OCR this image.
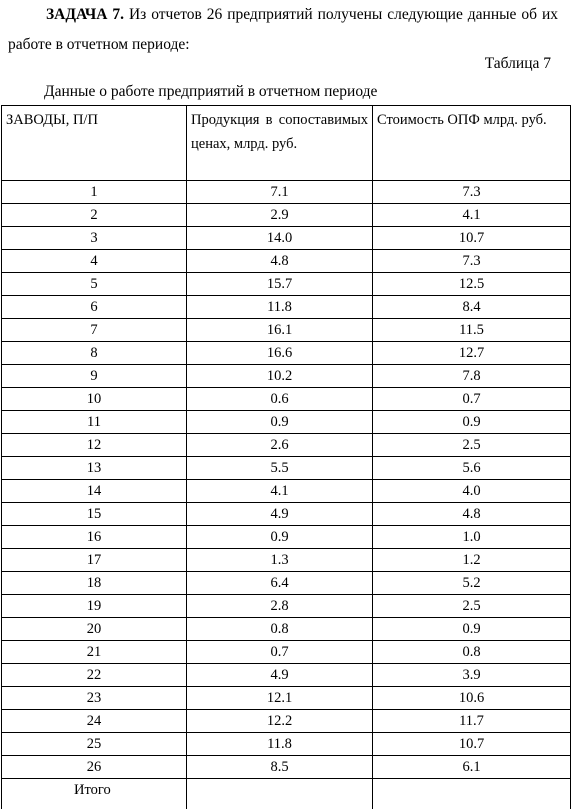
ЗАДАЧА 7. Из отчетов 26 предприятий получены следующие данные об их работе в отчетном периоде:
Таблица 7
Данные о работе предприятий в отчетном периоде
ЗАВОДЫ, П/П	Продукция в сопоставимых ценах, млрд. руб.	Стоимость ОПФ млрд. руб.

1	7.1	7.3
2	2.9	4.1
3	14.0	10.7
4	4.8	7.3
5	15.7	12.5
6	11.8	8.4
7	16.1	11.5
8	16.6	12.7
9	10.2	7.8
10	0.6	0.7
11	0.9	0.9
12	2.6	2.5
13	5.5	5.6
14	4.1	4.0
15	4.9	4.8
16	0.9	1.0
17	1.3	1.2
18	6.4	5.2
19	2.8	2.5
20	0.8	0.9
21	0.7	0.8
22	4.9	3.9
23	12.1	10.6
24	12.2	11.7
25	11.8	10.7
26	8.5	6.1
Итого		
